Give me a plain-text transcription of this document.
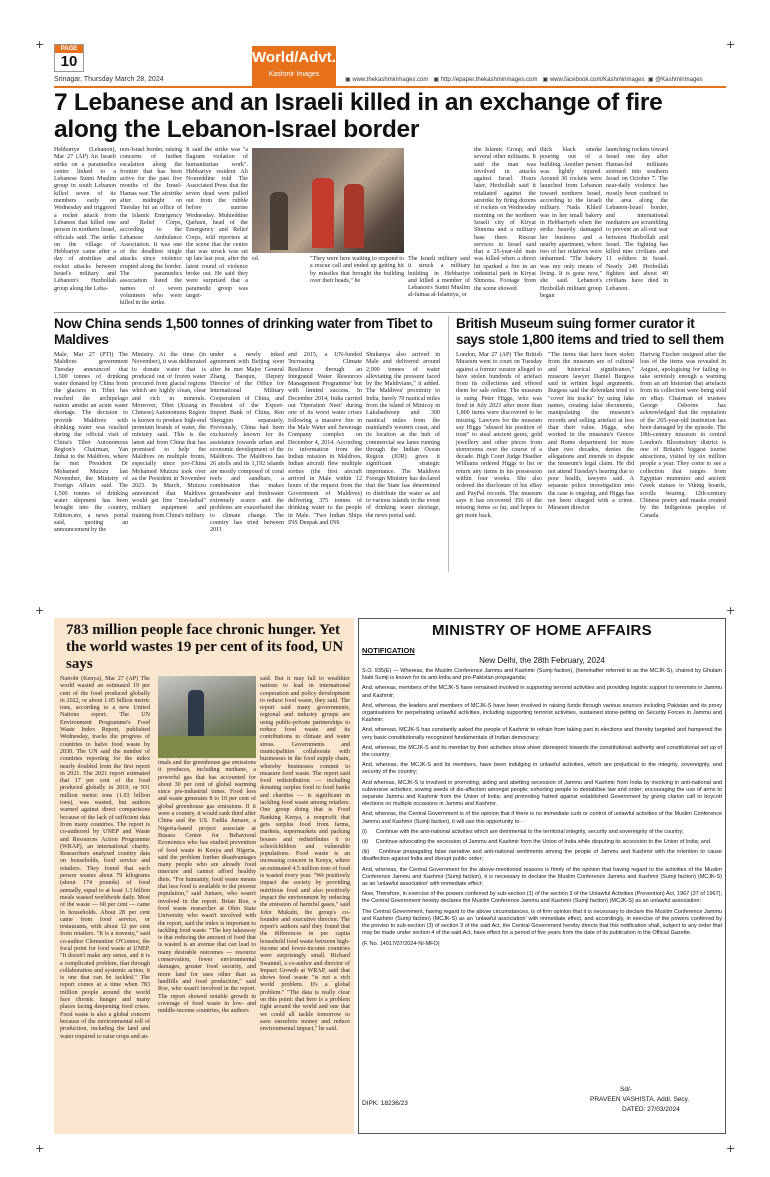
+	+
+	+
+	+
PAGE
10
Srinagar, Thursday March 28, 2024
World/Advt.
Kashmir Images
▣ www.thekashmirimages.com ▣ http://epaper.thekashmirimages.com ▣ www.facebook.com/Kashmirimages ▣ @Kashmirimages
7 Lebanese and an Israeli killed in an exchange of fire along the Lebanon-Israel border
Hebbariye (Lebanon), Mar 27 (AP) An Israeli strike on a paramedics centre linked to a Lebanese Sunni Muslim group in south Lebanon killed seven of its members early on Wednesday and triggered a rocket attack from Lebanon that killed one person in northern Israel, officials said. The strike on the village of Hebbariye came after a day of airstrikes and rocket attacks between Israel's military and Lebanon's Hezbollah group along the Leba-
non-Israel border, raising concerns of further escalation along the frontier that has been active for the past five months of the Israel-Hamas war. The airstrike after midnight on Tuesday hit an office of the Islamic Emergency and Relief Corps, according to the Lebanese Ambulance Association. It was one of the deadliest single attacks since violence erupted along the border. The paramedics association listed the names of seven volunteers who were killed in the strike.
It said the strike was "a flagrant violation of humanitarian work". Hebbariye resident Ali Noureddine told The Associated Press that the seven dead were pulled out from the rubble before sunrise Wednesday. Muhieddine Qarhani, head of the Emergency and Relief Corps, told reporters at the scene that the centre that was struck was set up late last year, after the latest round of violence broke out. He said they were surprised that a paramedic group was target-
ed.	"They were here waiting to respond to a rescue call and ended up getting hit by missiles that brought the building over their heads," he
The Israeli military said it struck a military building in Hebbariye and killed a member of Lebanon's Sunni Muslim al-Jamaa al-Islamiya, or
the Islamic Group, and several other militants. It said the man was involved in attacks against Israel. Hours later, Hezbollah said it retaliated against the airstrike by firing dozens of rockets on Wednesday morning on the northern Israeli city of Kiryat Shmona and a military base there. Rescue services in Israel said that a 25-year-old man was killed when a direct hit sparked a fire in an industrial park in Kiryat Shmona. Footage from the scene showed
thick black smoke pouring out of a building. Another person was lightly injured. Around 30 rockets were launched from Lebanon toward northern Israel, according to the Israeli military. Nada Khleif was in her small bakery in Hebbariyeh when the strike heavily damaged her business and a nearby apartment, where two of her relatives were unharmed. "The bakery was my only means of living. It is gone now," she said. Lebanon's Hezbollah militant group began
launching rockets toward Israel one day after Hamas-led militants stormed into southern Israel on October 7. The near-daily violence has mostly been confined to the area along the Lebanon-Israel border, and international mediators are scrambling to prevent an all-out war between Hezbollah and Israel. The fighting has killed nine civilians and 11 soldiers in Israel. Nearly 240 Hezbollah fighters and about 40 civilians have died in Lebanon.
Now China sends 1,500 tonnes of drinking water from Tibet to Maldives
Male, Mar 27 (PTI) The Maldives government Tuesday announced that 1,500 tonnes of drinking water donated by China from the glaciers in Tibet has reached the archipelago nation amidst an acute water shortage. The decision to provide Maldives with drinking water was reached during the official visit of China's Tibet Autonomous Region's Chairman, Yan Jinhai to the Maldives, where he met President Dr Mohamed Muizzu last November, the Ministry of Foreign Affairs said. The 1,500 tonnes of drinking water shipment has been brought into the country, Edition.mv, a news portal said, quoting an announcement by the
Ministry. At the time (in November), it was deliberated to donate water that is produced out of frozen water procured from glacial regions which are highly clean, clear and rich in minerals. Moreover, Tibet (Xizang in Chinese) Autonomous Region is known to produce high-end premium brands of water, the ministry said. This is the latest aid from China that has promised to help the Maldives on multiple fronts, especially since pro-China Mohamed Muizzu took over as the President in November 2023. In March, Muizzu announced that Maldives would get free "non-lethal" military equipment and training from China's military
under a newly inked agreement with Beijing soon after he met Major General Zhang Baoqun, Deputy Director of the Office for International Military Cooperation of China, and President of the Export-Import Bank of China, Ren Shengjun separately. Previously, China had been exclusively known for its assistance towards urban and economic development of the Maldives. The Maldives has 26 atolls and its 1,192 islands are mostly composed of coral reefs and sandbars, a combination that makes groundwater and freshwater extremely scarce and the problems are exacerbated due to climate change. The country has tried between 2011
and 2015, a UN-funded 'Increasing Climate Resilience through an Integrated Water Resources Management Programme' but with limited success. In December 2014, India carried out 'Operation Neer' during one of its worst water crises following a massive fire in the Male Water and Sewerage Company complex on December 4, 2014. According to information from the Indian mission in Maldives, Indian aircraft flew multiple sorties (the first aircraft arrived in Male within 12 hours of the request from the Government of Maldives) delivering 375 tonnes of drinking water to the people in Male. "Two Indian Ships INS Deepak and INS
Shukanya also arrived in Male and delivered around 2,000 tonnes of water alleviating the pressure faced by the Maldivians," it added. The Maldives' proximity to India, barely 70 nautical miles from the island of Minicoy in Lakshadweep and 300 nautical miles from the mainland's western coast, and its location at the hub of commercial sea lanes running through the Indian Ocean Region (IOR) gives it significant strategic importance. The Maldives Foreign Ministry has declared that the State has determined to distribute the water as aid to various islands in the event of drinking water shortage, the news portal said.
British Museum suing former curator it says stole 1,800 items and tried to sell them
London, Mar 27 (AP) The British Museum went to court on Tuesday against a former curator alleged to have stolen hundreds of artefact from its collections and offered them for sale online. The museum is suing Peter Higgs, who was fired in July 2023 after more than 1,800 items were discovered to be missing. Lawyers for the museum say Higgs "abused his position of trust" to steal ancient gems, gold jewellery and other pieces from storerooms over the course of a decade. High Court Judge Heather Williams ordered Higgs to list or return any items in his possession within four weeks. She also ordered the disclosure of his eBay and PayPal records. The museum says it has recovered 356 of the missing items so far, and hopes to get more back.
"The items that have been stolen from the museum are of cultural and historical significance," museum lawyer Daniel Burgess said in written legal arguments. Burgess said the defendant tried to "cover his tracks" by using fake names, creating false documents, manipulating the museum's records and selling artefact at less than their value. Higgs, who worked in the museum's Greece and Rome department for more than two decades, denies the allegations and intends to dispute the museum's legal claim. He did not attend Tuesday's hearing due to poor health, lawyers said. A separate police investigation into the case is ongoing, and Higgs has not been charged with a crime. Museum director
Hartwig Fischer resigned after the loss of the items was revealed in August, apologising for failing to take seriously enough a warning from an art historian that artefacts from its collection were being sold on eBay. Chairman of trustees George Osborne has acknowledged that the reputation of the 265-year-old institution has been damaged by the episode. The 18th-century museum in central London's Bloomsbury district is one of Britain's biggest tourist attractions, visited by six million people a year. They come to see a collection that ranges from Egyptian mummies and ancient Greek statues to Viking hoards, scrolls bearing 12th-century Chinese poetry and masks created by the Indigenous peoples of Canada.
783 million people face chronic hunger. Yet the world wastes 19 per cent of its food, UN says
Nairobi (Kenya), Mar 27 (AP) The world wasted an estimated 19 per cent of the food produced globally in 2022, or about 1.05 billion metric tons, according to a new United Nations report. The UN Environment Programme's Food Waste Index Report, published Wednesday, tracks the progress of countries to halve food waste by 2030. The UN said the number of countries reporting for the index nearly doubled from the first report in 2021. The 2021 report estimated that 17 per cent of the food produced globally in 2019, or 931 million metric tons (1.03 billion tons), was wasted, but authors warned against direct comparisons because of the lack of sufficient data from many countries. The report is co-authored by UNEP and Waste and Resources Action Programme (WRAP), an international charity. Researchers analyzed country data on households, food service and retailers. They found that each person wastes about 79 kilograms (about 174 pounds) of food annually, equal to at least 1.3 billion meals wasted worldwide daily. Most of the waste — 60 per cent — came in households. About 28 per cent came from food service, or restaurants, with about 12 per cent from retailers. "It is a travesty," said co-author Clementine O'Connor, the focal point for food waste at UNEP. "It doesn't make any sense, and it is a complicated problem, that through collaboration and systemic action, it is one that can be tackled." The report comes at a time when 783 million people around the world face chronic hunger and many places facing deepening food crises. Food waste is also a global concern because of the environmental toll of production, including the land and water required to raise crops and an-
imals and the greenhouse gas emissions it produces, including methane, a powerful gas that has accounted for about 30 per cent of global warming since pre-industrial times. Food loss and waste generates 8 to 10 per cent of global greenhouse gas emissions. If it were a country, it would rank third after China and the US. Fadila Jumare, a Nigeria-based project associate at Busara Centre for Behavioral Economics who has studied prevention of food waste in Kenya and Nigeria, said the problem further disadvantages many people who are already food insecure and cannot afford healthy diets. "For humanity, food waste means that less food is available to the poorest population," said Jumare, who wasn't involved in the report. Brian Roe, a food waste researcher at Ohio State University who wasn't involved with the report, said the index is important to tackling food waste. "The key takeaway is that reducing the amount of food that is wasted is an avenue that can lead to many desirable outcomes — resource conservation, fewer environmental damages, greater food security, and more land for uses other than as landfills and food production," said Roe, who wasn't involved in the report. The report showed notable growth in coverage of food waste in low- and middle-income countries, the authors
said. But it may fall to wealthier nations to lead in international cooperation and policy development to reduce food waste, they said. The report said many governments, regional and industry groups are using public-private partnerships to reduce food waste and its contributions to climate and water stress. Governments and municipalities collaborate with businesses in the food supply chain, whereby businesses commit to measure food waste. The report said food redistribution — including donating surplus food to food banks and charities — is significant in tackling food waste among retailers. One group doing that is Food Banking Kenya, a nonprofit that gets surplus food from farms, markets, supermarkets and packing houses and redistributes it to schoolchildren and vulnerable populations. Food waste is an increasing concern in Kenya, where an estimated 4.5 million tons of food is wasted every year. "We positively impact the society by providing nutritious food and also positively impact the environment by reducing the emission of harmful gases," said John Mukuhi, the group's co-founder and executive director. The report's authors said they found that the differences in per capita household food waste between high-income and lower-income countries were surprisingly small. Richard Swannel, a co-author and director of Impact Growth at WRAP, said that shows food waste "is not a rich world problem. It's a global problem." "The data is really clear on this point: that here is a problem right around the world and one that we could all tackle tomorrow to save ourselves money and reduce environmental impact," he said.
MINISTRY OF HOME AFFAIRS
NOTIFICATION
New Delhi, the 28th February, 2024

S.O. 935(E) — Whereas, the Muslim Conference Jammu and Kashmir (Sumji faction), (hereinafter referred to as the MCJK-S), chaired by Ghulam Nabi Sumji is known for its anti-India and pro-Pakistan propaganda;

And, whereas, members of the MCJK-S have remained involved in supporting terrorist activities and providing logistic support to terrorists in Jammu and Kashmir;

And, whereas, the leaders and members of MCJK-S have been involved in raising funds through various sources including Pakistan and its proxy organisations for perpetrating unlawful activities, including supporting terrorist activities, sustained stone-pelting on Security Forces in Jammu and Kashmir;

And, whereas, MCJK-S has constantly asked the people of Kashmir to refrain from taking part in elections and thereby targeted and hampered the very basic constitutionally recognized fundamentals of Indian democracy;

And, whereas, the MCJK-S and its member by their activities show sheer disrespect towards the constitutional authority and constitutional set up of the country;

And, whereas, the MCJK-S and its members, have been indulging in unlawful activities, which are prejudicial to the integrity, sovereignty, and security of the country;

And whereas, MCJK-S is involved in promoting, aiding and abetting secession of Jammu and Kashmir from India by involving in anti-national and subversive activities; sowing seeds of dis-affection amongst people; exhorting people to destabilise law and order; encouraging the use of arms to separate Jammu and Kashmir from the Union of India; and promoting hatred against established Government by giving clarion call to boycott elections on multiple occasions in Jammu and Kashmir,

And, whereas, the Central Government is of the opinion that if there is no immediate curb or control of unlawful activities of the Muslim Conference Jammu and Kashmir (Sumji faction), it will use this opportunity to -

(i)      Continue with the anti-national activities which are detrimental to the territorial integrity, security and sovereignty of the country;

(ii)     Continue advocating the secession of Jammu and Kashmir form the Union of India while disputing its accession to the Union of India; and

(iii)    Continue propagating false narrative and anti-national sentiments among the people of Jammu and Kashmir with the intention to cause disaffection against India and disrupt public order;

And, whereas, the Central Government for the above-mentioned reasons is firmly of the opinion that having regard to the activities of the Muslim Conference Jammu and Kashmir (Sumji faction), it is necessary to declare the Muslim Conference Jammu and Kashmir (Sumji faction) (MCJK-S) as an 'unlawful association' with immediate effect;

Now, Therefore, in exercise of the powers conferred by sub-section (1) of the section 3 of the Unlawful Activities (Prevention) Act, 1967 (37 of 1967), the Central Government hereby declares the Muslim Conference Jammu and Kashmir (Sumji faction) (MCJK-S) as an unlawful association;

The Central Government, having regard to the above circumstances, is of firm opinion that it is necessary to declare the Muslim Conference Jammu and Kashmir (Sumji faction) (MCJK-S) as an 'unlawful association' with immediate effect, and accordingly, in exercise of the powers conferred by the proviso to sub-section (3) of section 3 of the said Act, the Central Government hereby directs that this notification shall, subject to any order that may be made under section 4 of the said Act, have effect for a period of five years from the date of its publication in the Official Gazette.

(F. No. 14017/07/2024-NI-MFO)

Sd/-
PRAVEEN VASHISTA, Addl. Secy.
DATED: 27/03/2024
DIPK: 18236/23
